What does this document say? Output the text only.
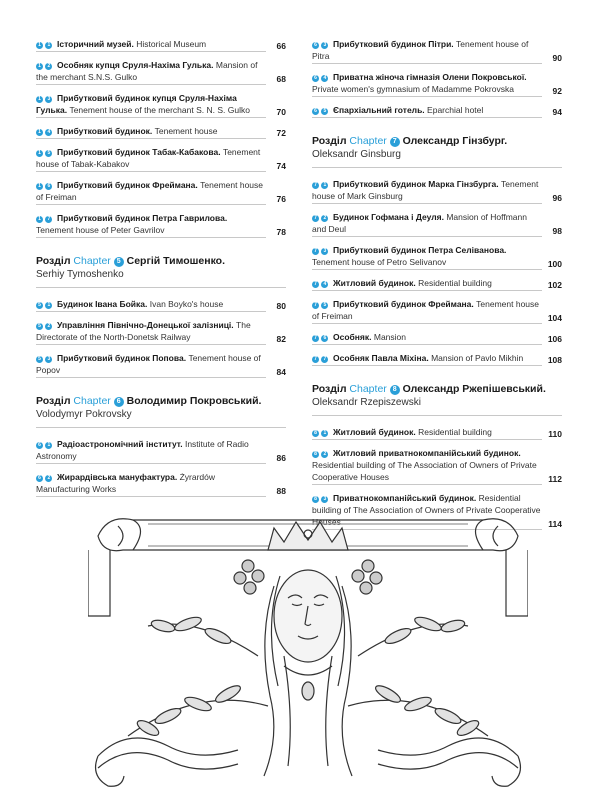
1 1 Історичний музей. Historical Museum	66
1 2 Особняк купця Сруля-Нахіма Гулька. Mansion of the merchant S.N.S. Gulko	68
1 3 Прибутковий будинок купця Сруля-Нахіма Гулька. Tenement house of the merchant S. N. S. Gulko	70
1 4 Прибутковий будинок. Tenement house	72
1 5 Прибутковий будинок Табак-Кабакова. Tenement house of Tabak-Kabakov	74
1 6 Прибутковий будинок Фреймана. Tenement house of Freiman	76
1 7 Прибутковий будинок Петра Гаврилова. Tenement house of Peter Gavrilov	78
Розділ Chapter 5 Сергій Тимошенко.
Serhiy Tymoshenko
5 1 Будинок Івана Бойка. Ivan Boyko's house	80
5 2 Управління Північно-Донецької залізниці. The Directorate of the North-Donetsk Railway	82
5 3 Прибутковий будинок Попова. Tenement house of Popov	84
Розділ Chapter 6 Володимир Покровський.
Volodymyr Pokrovsky
6 1 Радіоастрономічний інститут. Institute of Radio Astronomy	86
6 2 Жирардівська мануфактура. Żyrardów Manufacturing Works	88
6 3 Прибутковий будинок Пітри. Tenement house of Pitra	90
6 4 Приватна жіноча гімназія Олени Покровської. Private women's gymnasium of Madamme Pokrovska	92
6 5 Єпархіальний готель. Eparchial hotel	94
Розділ Chapter 7 Олександр Гінзбург.
Oleksandr Ginsburg
7 1 Прибутковий будинок Марка Гінзбурга. Tenement house of Mark Ginsburg	96
7 2 Будинок Гофмана і Деуля. Mansion of Hoffmann and Deul	98
7 3 Прибутковий будинок Петра Селіванова. Tenement house of Petro Selivanov	100
7 4 Житловий будинок. Residential building	102
7 5 Прибутковий будинок Фреймана. Tenement house of Freiman	104
7 6 Особняк. Mansion	106
7 7 Особняк Павла Міхіна. Mansion of Pavlo Mikhin	108
Розділ Chapter 8 Олександр Ржепішевський.
Oleksandr Rzepiszewski
8 1 Житловий будинок. Residential building	110
8 2 Житловий приватнокомпанійський будинок. Residential building of The Association of Owners of Private Cooperative Houses	112
8 3 Приватнокомпанійський будинок. Residential building of The Association of Owners of Private Cooperative Houses	114
